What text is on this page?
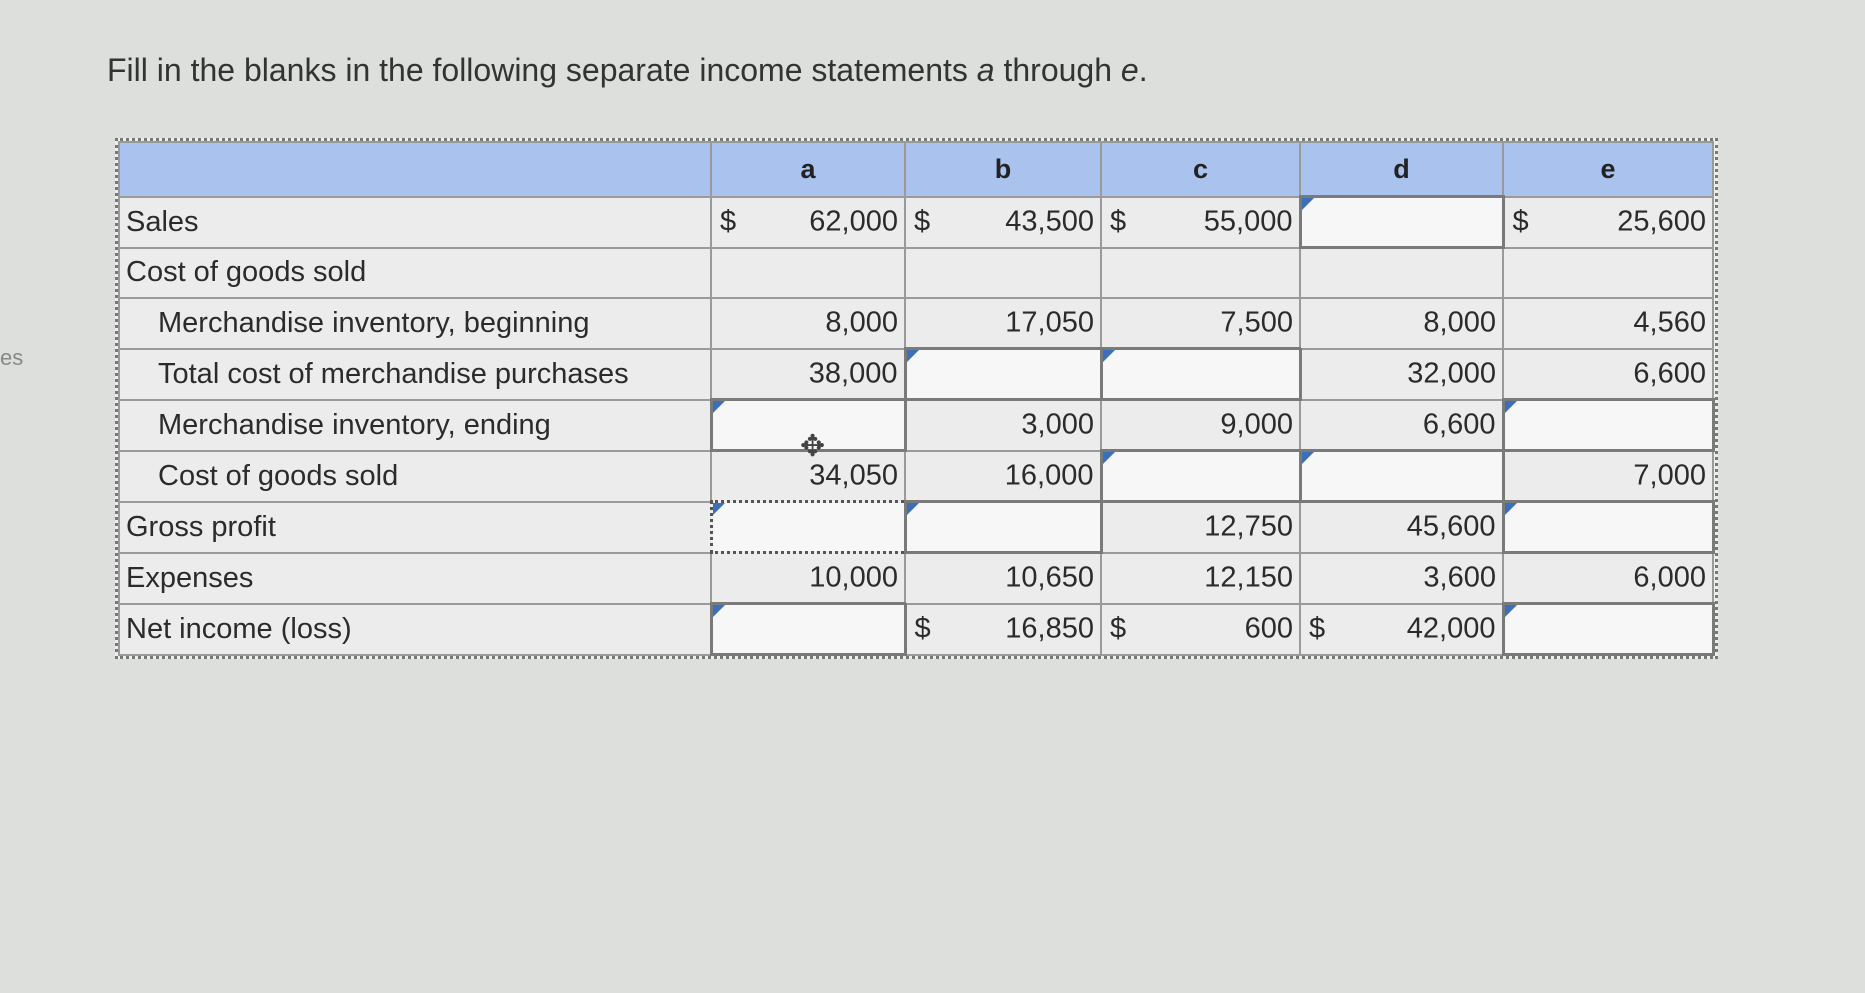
es
Fill in the blanks in the following separate income statements a through e.
	a	b	c	d	e
Sales	$ 62,000	$ 43,500	$ 55,000		$ 25,600

Cost of goods sold	

Merchandise inventory, beginning	8,000	17,050	7,500	8,000	4,560

Total cost of merchandise purchases	38,000			32,000	6,600

Merchandise inventory, ending		3,000	9,000	6,600	

Cost of goods sold	34,050	16,000			7,000

Gross profit			12,750	45,600	

Expenses	10,000	10,650	12,150	3,600	6,000

Net income (loss)		$ 16,850	$ 600	$ 42,000	

✥
